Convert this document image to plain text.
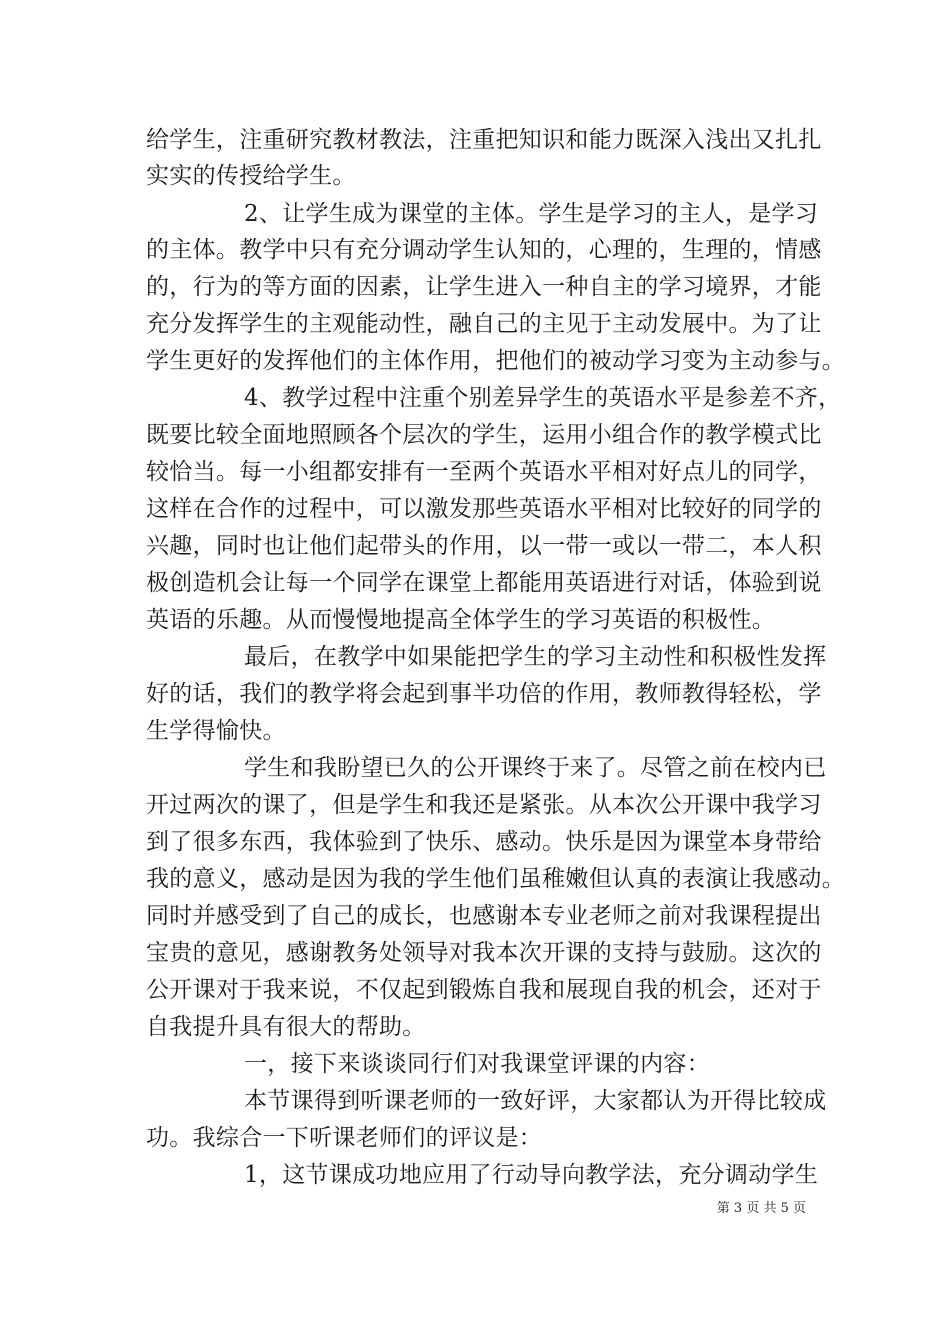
给学生，注重研究教材教法，注重把知识和能力既深入浅出又扎扎
实实的传授给学生。
2、让学生成为课堂的主体。学生是学习的主人，是学习
的主体。教学中只有充分调动学生认知的，心理的，生理的，情感
的，行为的等方面的因素，让学生进入一种自主的学习境界，才能
充分发挥学生的主观能动性，融自己的主见于主动发展中。为了让
学生更好的发挥他们的主体作用，把他们的被动学习变为主动参与。
4、教学过程中注重个别差异学生的英语水平是参差不齐，
既要比较全面地照顾各个层次的学生，运用小组合作的教学模式比
较恰当。每一小组都安排有一至两个英语水平相对好点儿的同学，
这样在合作的过程中，可以激发那些英语水平相对比较好的同学的
兴趣，同时也让他们起带头的作用，以一带一或以一带二，本人积
极创造机会让每一个同学在课堂上都能用英语进行对话，体验到说
英语的乐趣。从而慢慢地提高全体学生的学习英语的积极性。
最后，在教学中如果能把学生的学习主动性和积极性发挥
好的话，我们的教学将会起到事半功倍的作用，教师教得轻松，学
生学得愉快。
学生和我盼望已久的公开课终于来了。尽管之前在校内已
开过两次的课了，但是学生和我还是紧张。从本次公开课中我学习
到了很多东西，我体验到了快乐、感动。快乐是因为课堂本身带给
我的意义，感动是因为我的学生他们虽稚嫩但认真的表演让我感动。
同时并感受到了自己的成长，也感谢本专业老师之前对我课程提出
宝贵的意见，感谢教务处领导对我本次开课的支持与鼓励。这次的
公开课对于我来说，不仅起到锻炼自我和展现自我的机会，还对于
自我提升具有很大的帮助。
一，接下来谈谈同行们对我课堂评课的内容：
本节课得到听课老师的一致好评，大家都认为开得比较成
功。我综合一下听课老师们的评议是：
1，这节课成功地应用了行动导向教学法，充分调动学生
第 3 页 共 5 页
